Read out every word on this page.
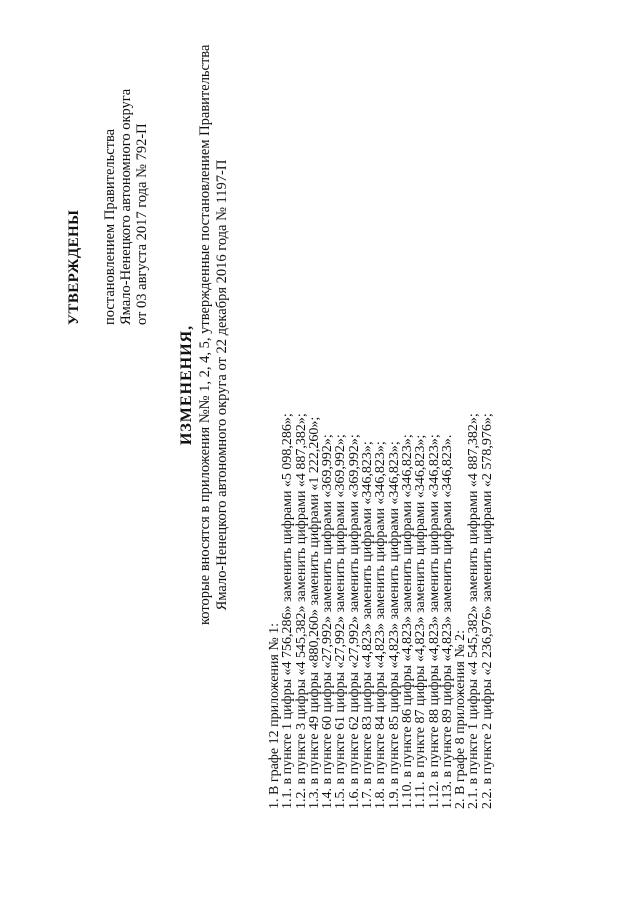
УТВЕРЖДЕНЫ постановлением Правительства Ямало-Ненецкого автономного округа от 03 августа 2017 года № 792-П
ИЗМЕНЕНИЯ, которые вносятся в приложения №№ 1, 2, 4, 5, утвержденные постановлением Правительства Ямало-Ненецкого автономного округа от 22 декабря 2016 года № 1197-П
1. В графе 12 приложения № 1:
1.1. в пункте 1 цифры «4 756,286» заменить цифрами «5 098,286»;
1.2. в пункте 3 цифры «4 545,382» заменить цифрами «4 887,382»;
1.3. в пункте 49 цифры «880,260» заменить цифрами «1 222,260»;
1.4. в пункте 60 цифры «27,992» заменить цифрами «369,992»;
1.5. в пункте 61 цифры «27,992» заменить цифрами «369,992»;
1.6. в пункте 62 цифры «27,992» заменить цифрами «369,992»;
1.7. в пункте 83 цифры «4,823» заменить цифрами «346,823»;
1.8. в пункте 84 цифры «4,823» заменить цифрами «346,823»;
1.9. в пункте 85 цифры «4,823» заменить цифрами «346,823»;
1.10. в пункте 86 цифры «4,823» заменить цифрами «346,823»;
1.11. в пункте 87 цифры «4,823» заменить цифрами «346,823»;
1.12. в пункте 88 цифры «4,823» заменить цифрами «346,823»;
1.13. в пункте 89 цифры «4,823» заменить цифрами «346,823».
2. В графе 8 приложения № 2:
2.1. в пункте 1 цифры «4 545,382» заменить цифрами «4 887,382»;
2.2. в пункте 2 цифры «2 236,976» заменить цифрами «2 578,976»;
